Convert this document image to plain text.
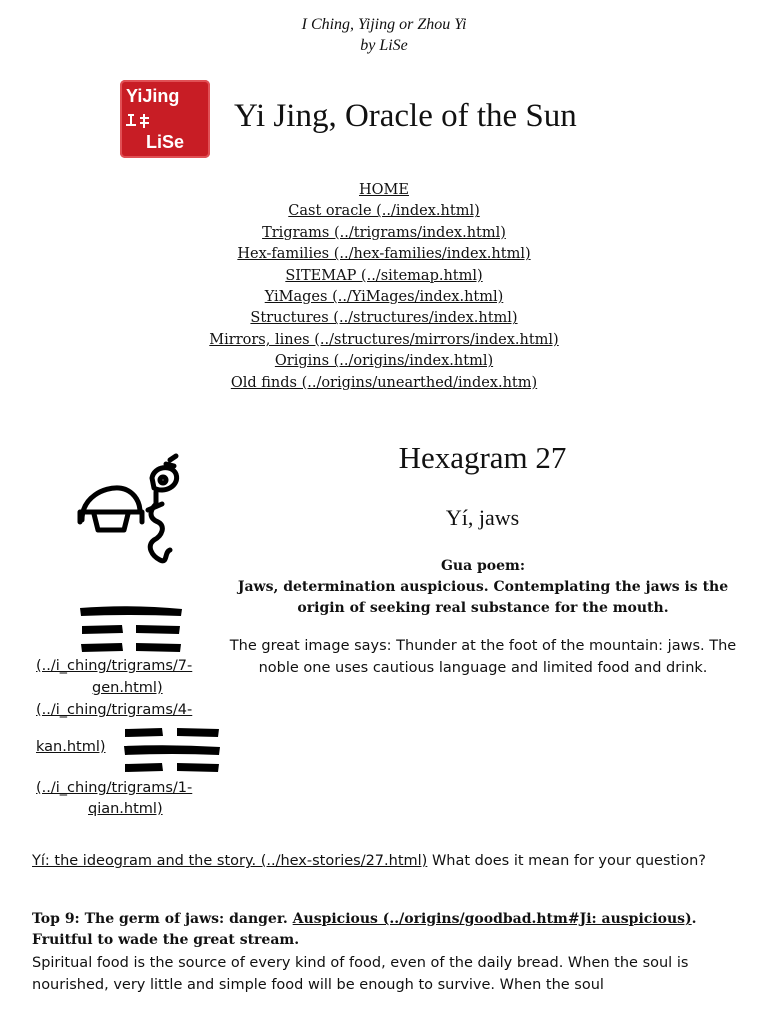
I Ching, Yijing or Zhou Yi
by LiSe
YiJing
LiSe
Yi Jing, Oracle of the Sun
HOME
Cast oracle (../index.html)
Trigrams (../trigrams/index.html)
Hex-families (../hex-families/index.html)
SITEMAP (../sitemap.html)
YiMages (../YiMages/index.html)
Structures (../structures/index.html)
Mirrors, lines (../structures/mirrors/index.html)
Origins (../origins/index.html)
Old finds (../origins/unearthed/index.htm)
Hexagram 27
Yí, jaws
Gua poem:
Jaws, determination auspicious. Contemplating the jaws is the origin of seeking real substance for the mouth.
The great image says: Thunder at the foot of the mountain: jaws. The noble one uses cautious language and limited food and drink.
(../i_ching/trigrams/7-
gen.html)
(../i_ching/trigrams/4-
kan.html)
(../i_ching/trigrams/1-
qian.html)
Yí: the ideogram and the story. (../hex-stories/27.html) What does it mean for your question?
Top 9: The germ of jaws: danger. Auspicious (../origins/goodbad.htm#Ji: auspicious). Fruitful to wade the great stream.
Spiritual food is the source of every kind of food, even of the daily bread. When the soul is nourished, very little and simple food will be enough to survive. When the soul
